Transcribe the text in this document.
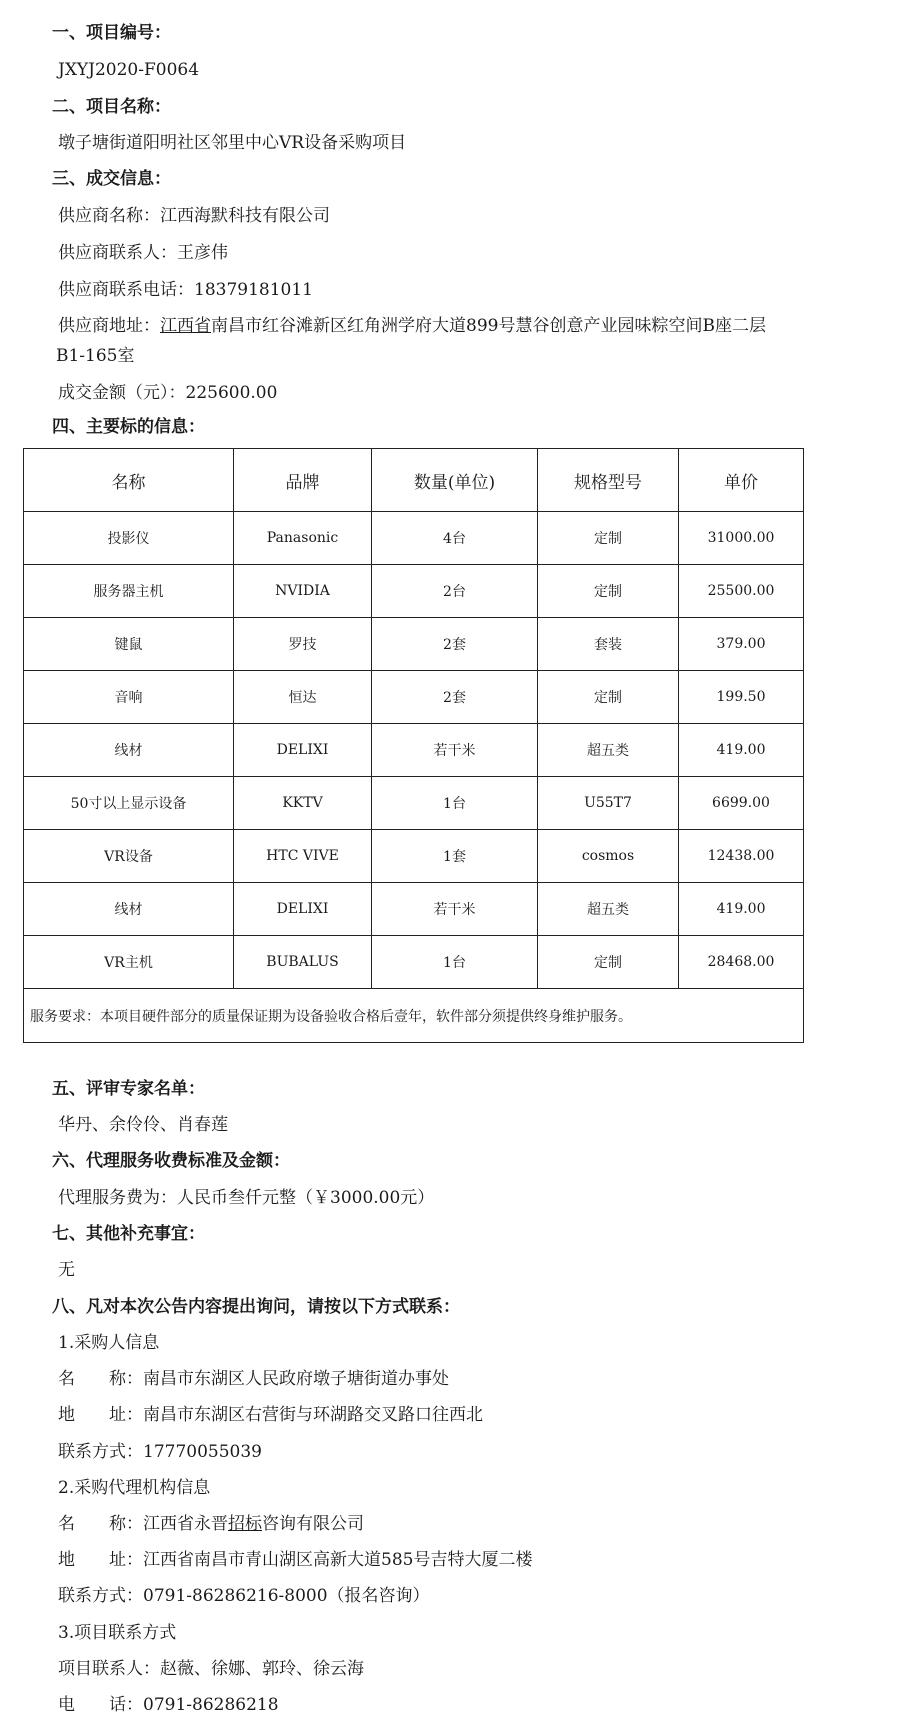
一、项目编号：
JXYJ2020-F0064
二、项目名称：
墩子塘街道阳明社区邻里中心VR设备采购项目
三、成交信息：
供应商名称：江西海默科技有限公司
供应商联系人：王彦伟
供应商联系电话：18379181011
供应商地址：江西省南昌市红谷滩新区红角洲学府大道899号慧谷创意产业园味粽空间B座二层
B1-165室
成交金额（元）：225600.00
四、主要标的信息：
名称	品牌	数量(单位)	规格型号	单价
投影仪	Panasonic	4台	定制	31000.00
服务器主机	NVIDIA	2台	定制	25500.00
键鼠	罗技	2套	套装	379.00
音响	恒达	2套	定制	199.50
线材	DELIXI	若干米	超五类	419.00
50寸以上显示设备	KKTV	1台	U55T7	6699.00
VR设备	HTC VIVE	1套	cosmos	12438.00
线材	DELIXI	若干米	超五类	419.00
VR主机	BUBALUS	1台	定制	28468.00
服务要求：本项目硬件部分的质量保证期为设备验收合格后壹年，软件部分须提供终身维护服务。				
五、评审专家名单：
华丹、余伶伶、肖春莲
六、代理服务收费标准及金额：
代理服务费为：人民币叁仟元整（￥3000.00元）
七、其他补充事宜：
无
八、凡对本次公告内容提出询问，请按以下方式联系：
1.采购人信息
名　　称：南昌市东湖区人民政府墩子塘街道办事处
地　　址：南昌市东湖区右营街与环湖路交叉路口往西北
联系方式：17770055039
2.采购代理机构信息
名　　称：江西省永晋招标咨询有限公司
地　　址：江西省南昌市青山湖区高新大道585号吉特大厦二楼
联系方式：0791-86286216-8000（报名咨询）
3.项目联系方式
项目联系人：赵薇、徐娜、郭玲、徐云海
电　　话：0791-86286218
